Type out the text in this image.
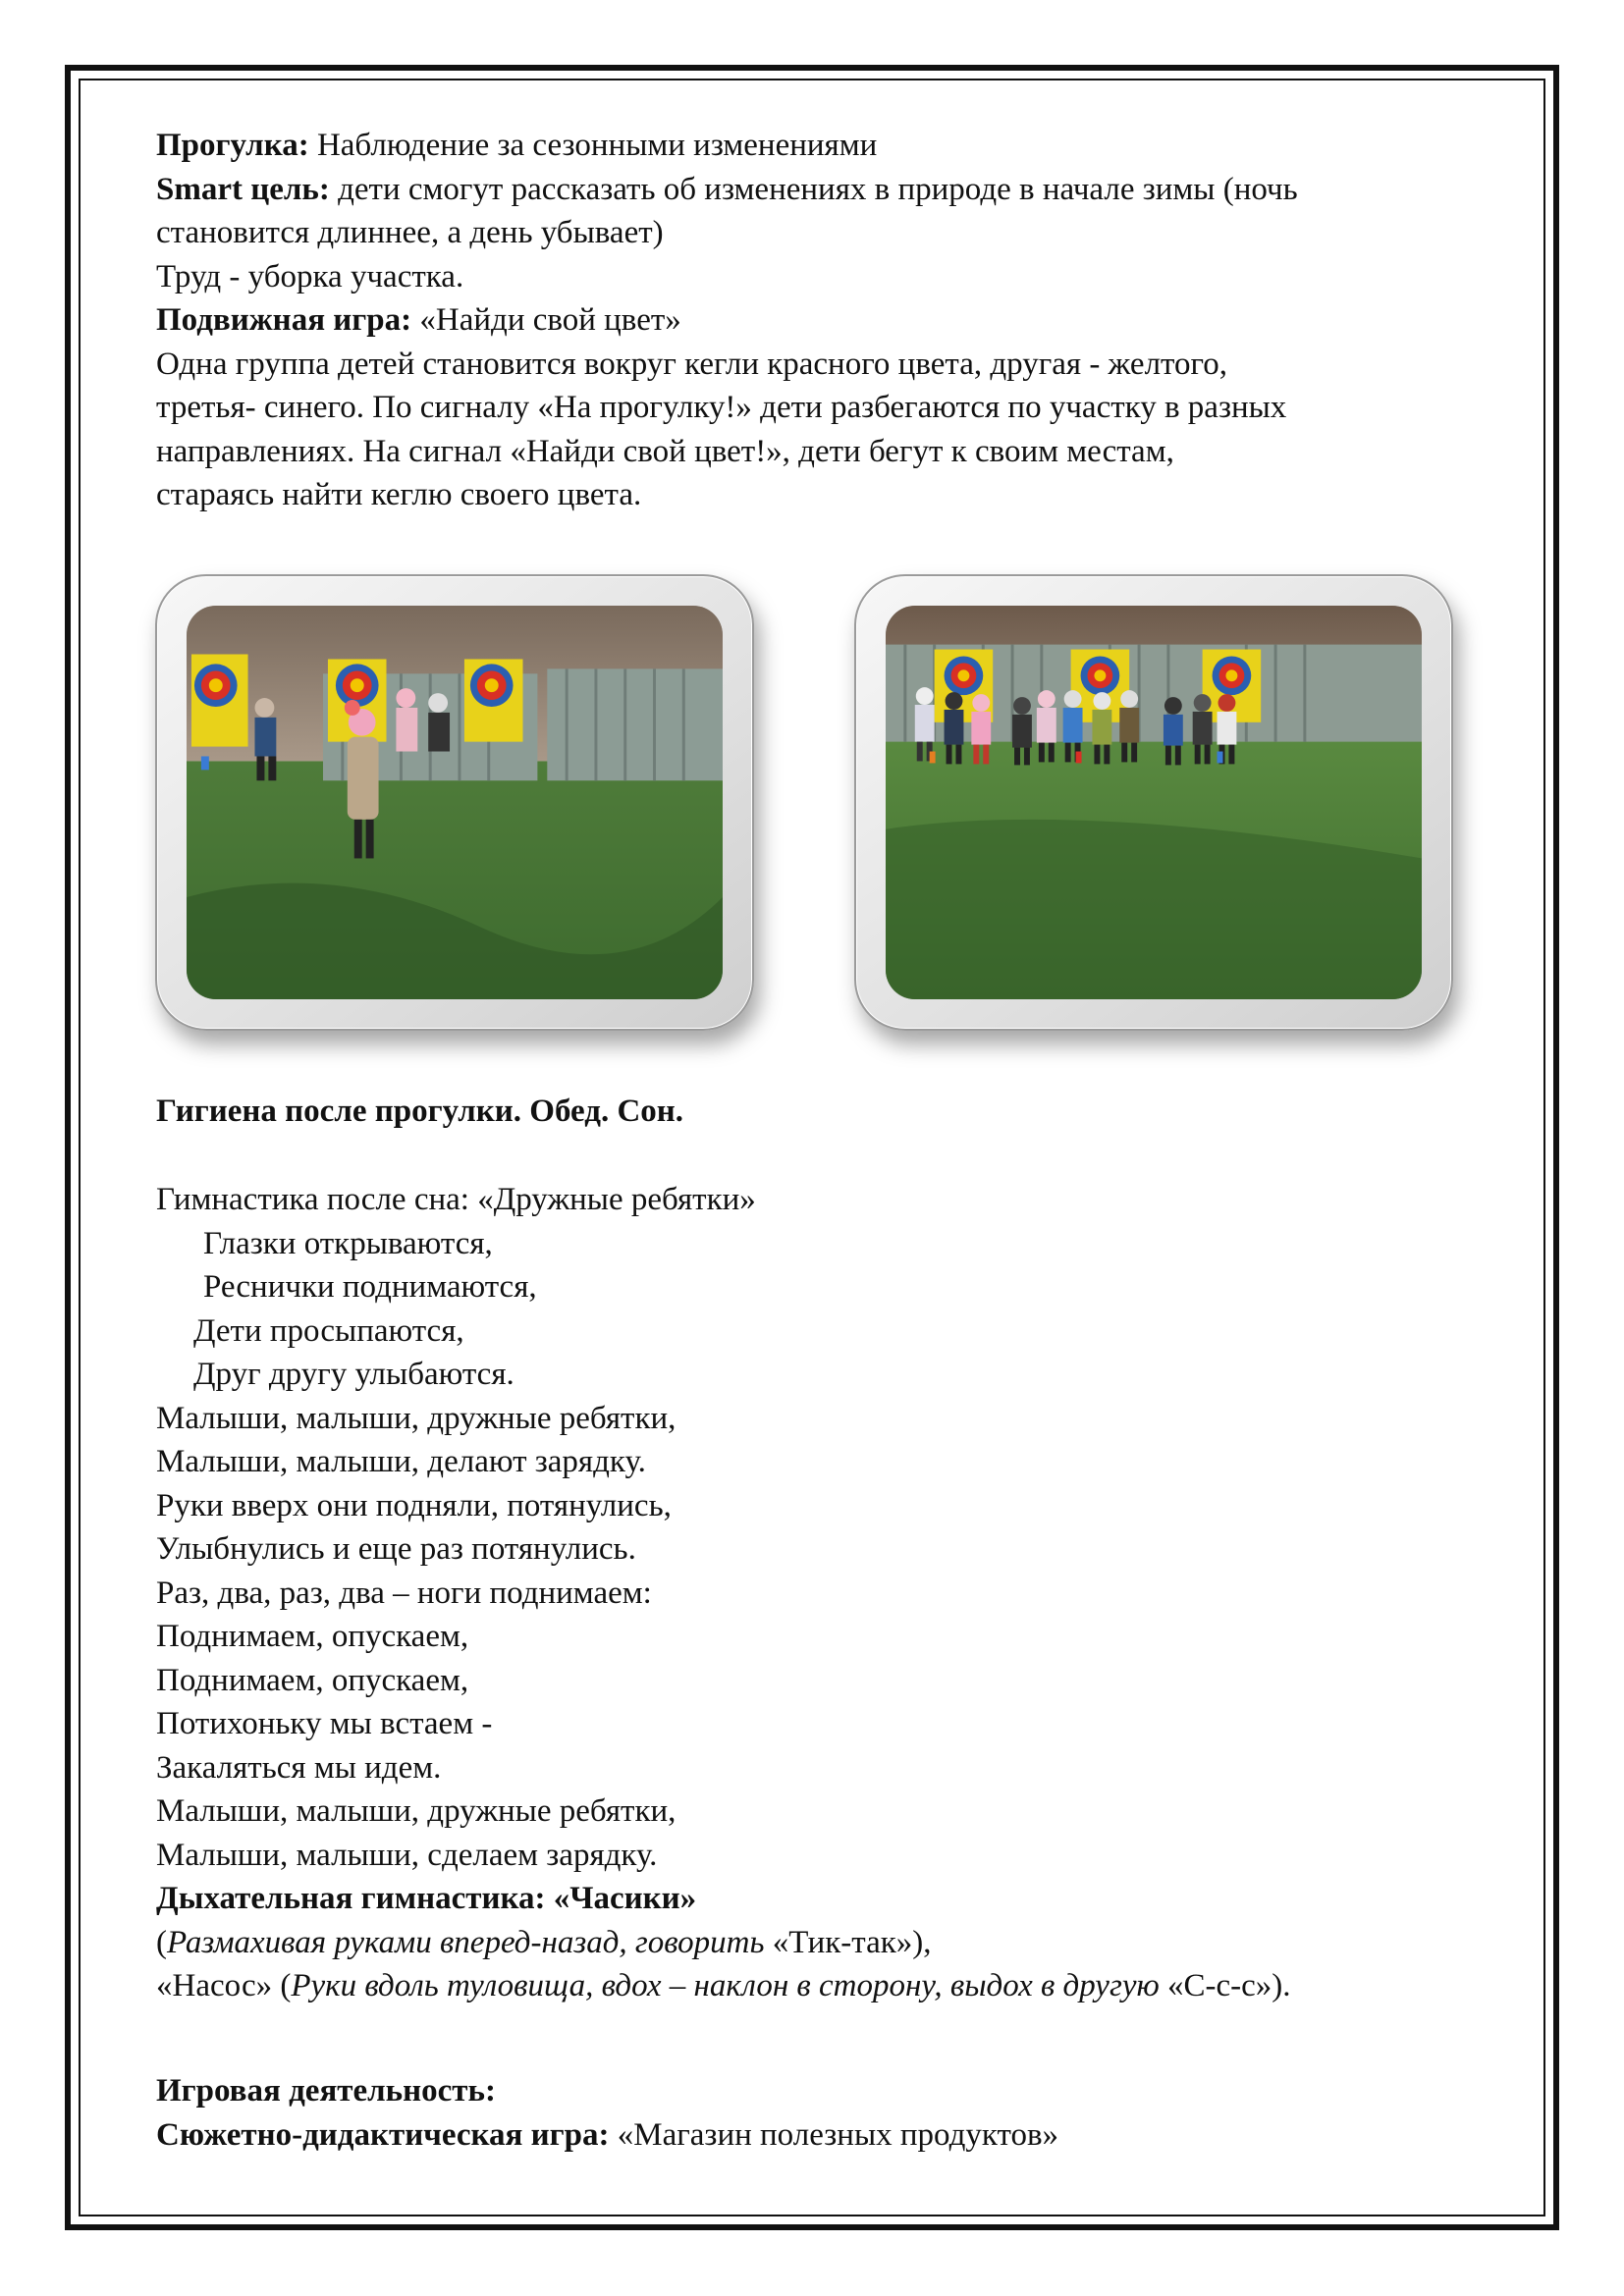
Прогулка: Наблюдение за сезонными изменениями
Smart цель: дети смогут рассказать об изменениях в природе в начале зимы (ночь
становится длиннее, а день убывает)
Труд - уборка участка.
Подвижная игра: «Найди свой цвет»
Одна группа детей становится вокруг кегли красного цвета, другая - желтого,
третья- синего. По сигналу «На прогулку!» дети разбегаются по участку в разных
направлениях. На сигнал «Найди свой цвет!», дети бегут к своим местам,
стараясь найти кеглю своего цвета.
Гигиена после прогулки. Обед. Сон.
Гимнастика после сна: «Дружные ребятки»
Глазки открываются,
Реснички поднимаются,
Дети просыпаются,
Друг другу улыбаются.
Малыши, малыши, дружные ребятки,
Малыши, малыши, делают зарядку.
Руки вверх они подняли, потянулись,
Улыбнулись и еще раз потянулись.
Раз, два, раз, два – ноги поднимаем:
Поднимаем, опускаем,
Поднимаем, опускаем,
Потихоньку мы встаем -
Закаляться мы идем.
Малыши, малыши, дружные ребятки,
Малыши, малыши, сделаем зарядку.
Дыхательная гимнастика: «Часики»
(Размахивая руками вперед-назад, говорить «Тик-так»),
«Насос» (Руки вдоль туловища, вдох – наклон в сторону, выдох в другую «С-с-с»).
Игровая деятельность:
Сюжетно-дидактическая игра: «Магазин полезных продуктов»
